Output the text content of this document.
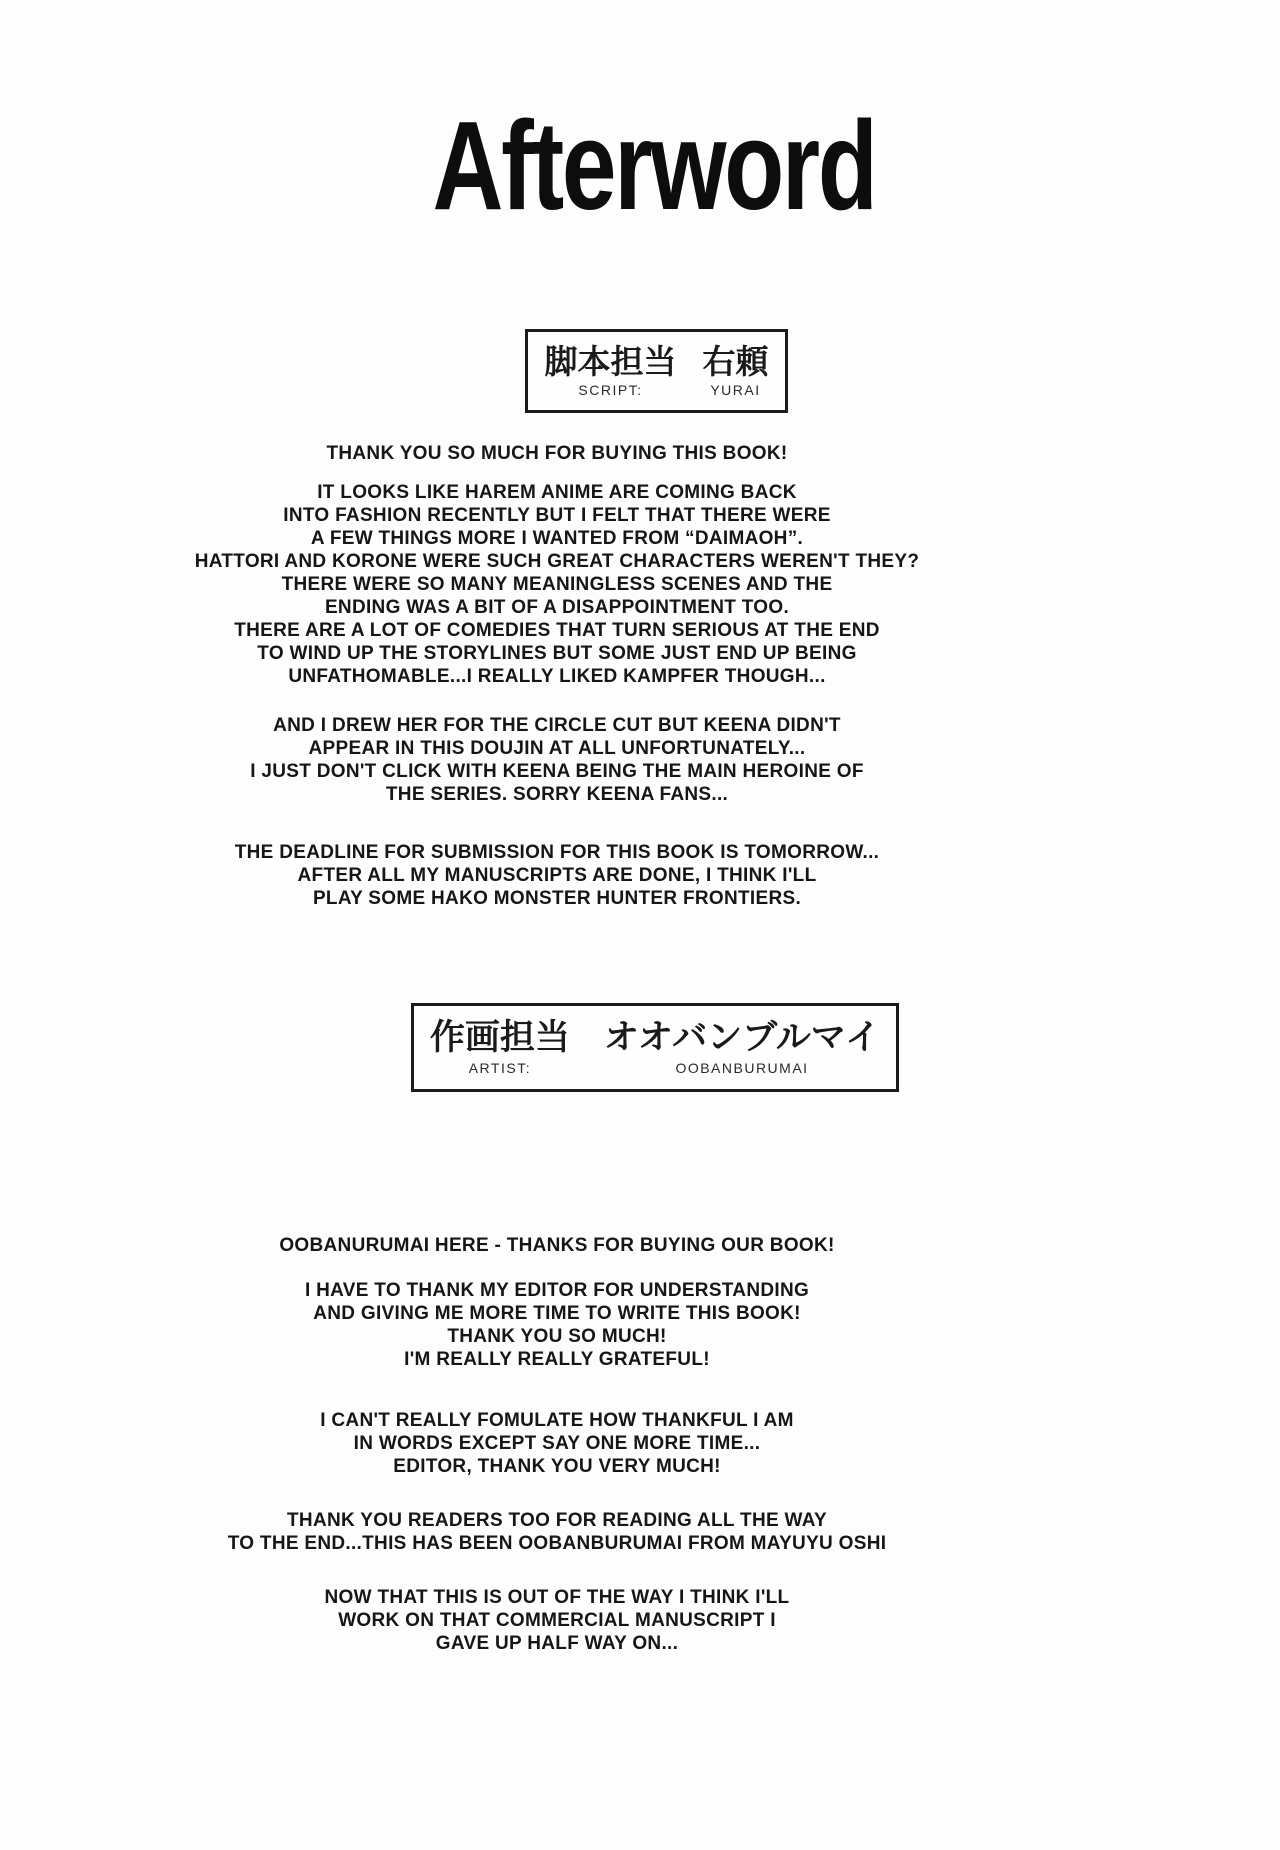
Afterword
脚本担当
SCRIPT:
右頼
YURAI
THANK YOU SO MUCH FOR BUYING THIS BOOK!
IT LOOKS LIKE HAREM ANIME ARE COMING BACK
INTO FASHION RECENTLY BUT I FELT THAT THERE WERE
A FEW THINGS MORE I WANTED FROM “DAIMAOH”.
HATTORI AND KORONE WERE SUCH GREAT CHARACTERS WEREN'T THEY?
THERE WERE SO MANY MEANINGLESS SCENES AND THE
ENDING WAS A BIT OF A DISAPPOINTMENT TOO.
THERE ARE A LOT OF COMEDIES THAT TURN SERIOUS AT THE END
TO WIND UP THE STORYLINES BUT SOME JUST END UP BEING
UNFATHOMABLE...I REALLY LIKED KAMPFER THOUGH...
AND I DREW HER FOR THE CIRCLE CUT BUT KEENA DIDN'T
APPEAR IN THIS DOUJIN AT ALL UNFORTUNATELY...
I JUST DON'T CLICK WITH KEENA BEING THE MAIN HEROINE OF
THE SERIES. SORRY KEENA FANS...
THE DEADLINE FOR SUBMISSION FOR THIS BOOK IS TOMORROW...
AFTER ALL MY MANUSCRIPTS ARE DONE, I THINK I'LL
PLAY SOME HAKO MONSTER HUNTER FRONTIERS.
作画担当
ARTIST:
オオバンブルマイ
OOBANBURUMAI
OOBANURUMAI HERE - THANKS FOR BUYING OUR BOOK!
I HAVE TO THANK MY EDITOR FOR UNDERSTANDING
AND GIVING ME MORE TIME TO WRITE THIS BOOK!
THANK YOU SO MUCH!
I'M REALLY REALLY GRATEFUL!
I CAN'T REALLY FOMULATE HOW THANKFUL I AM
IN WORDS EXCEPT SAY ONE MORE TIME...
EDITOR, THANK YOU VERY MUCH!
THANK YOU READERS TOO FOR READING ALL THE WAY
TO THE END...THIS HAS BEEN OOBANBURUMAI FROM MAYUYU OSHI
NOW THAT THIS IS OUT OF THE WAY I THINK I'LL
WORK ON THAT COMMERCIAL MANUSCRIPT I
GAVE UP HALF WAY ON...
